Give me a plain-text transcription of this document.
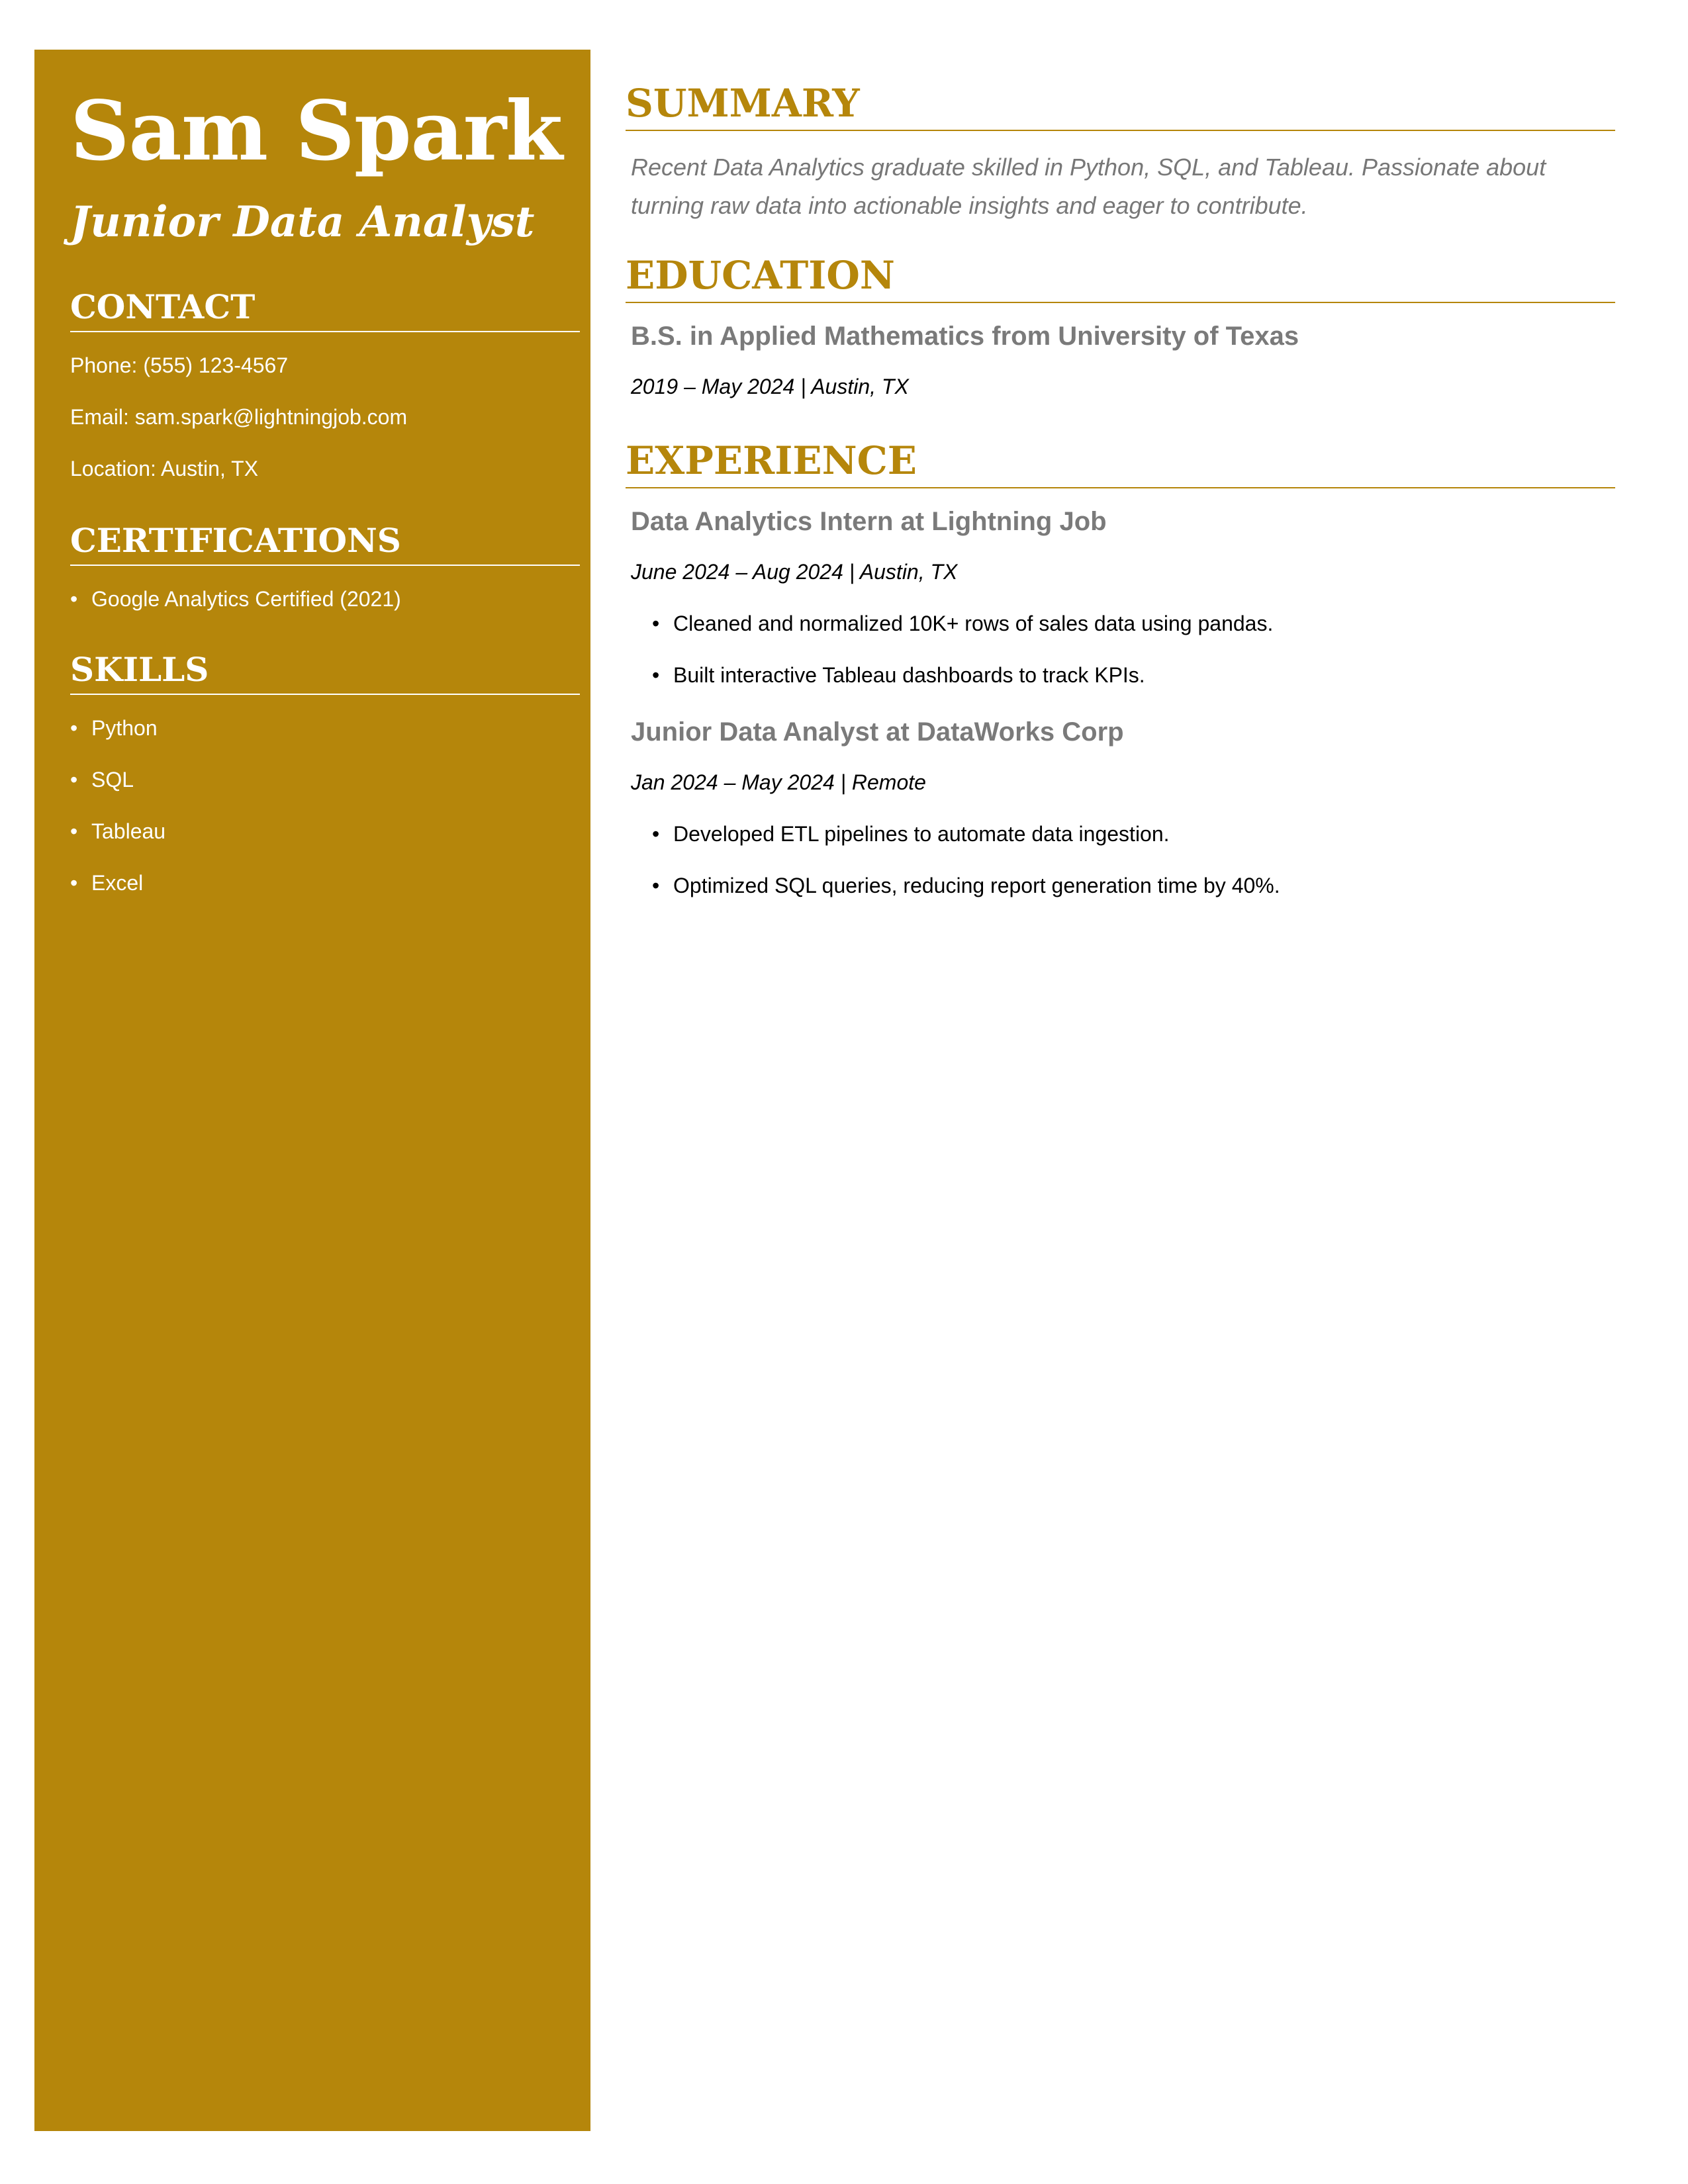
Sam Spark
Junior Data Analyst
CONTACT
Phone: (555) 123-4567
Email: sam.spark@lightningjob.com
Location: Austin, TX
CERTIFICATIONS
• Google Analytics Certified (2021)
SKILLS
• Python
• SQL
• Tableau
• Excel
SUMMARY

Recent Data Analytics graduate skilled in Python, SQL, and Tableau. Passionate about turning raw data into actionable insights and eager to contribute.

EDUCATION

B.S. in Applied Mathematics from University of Texas

2019 – May 2024 | Austin, TX

EXPERIENCE

Data Analytics Intern at Lightning Job

June 2024 – Aug 2024 | Austin, TX

• Cleaned and normalized 10K+ rows of sales data using pandas.
• Built interactive Tableau dashboards to track KPIs.

Junior Data Analyst at DataWorks Corp

Jan 2024 – May 2024 | Remote

• Developed ETL pipelines to automate data ingestion.
• Optimized SQL queries, reducing report generation time by 40%.
